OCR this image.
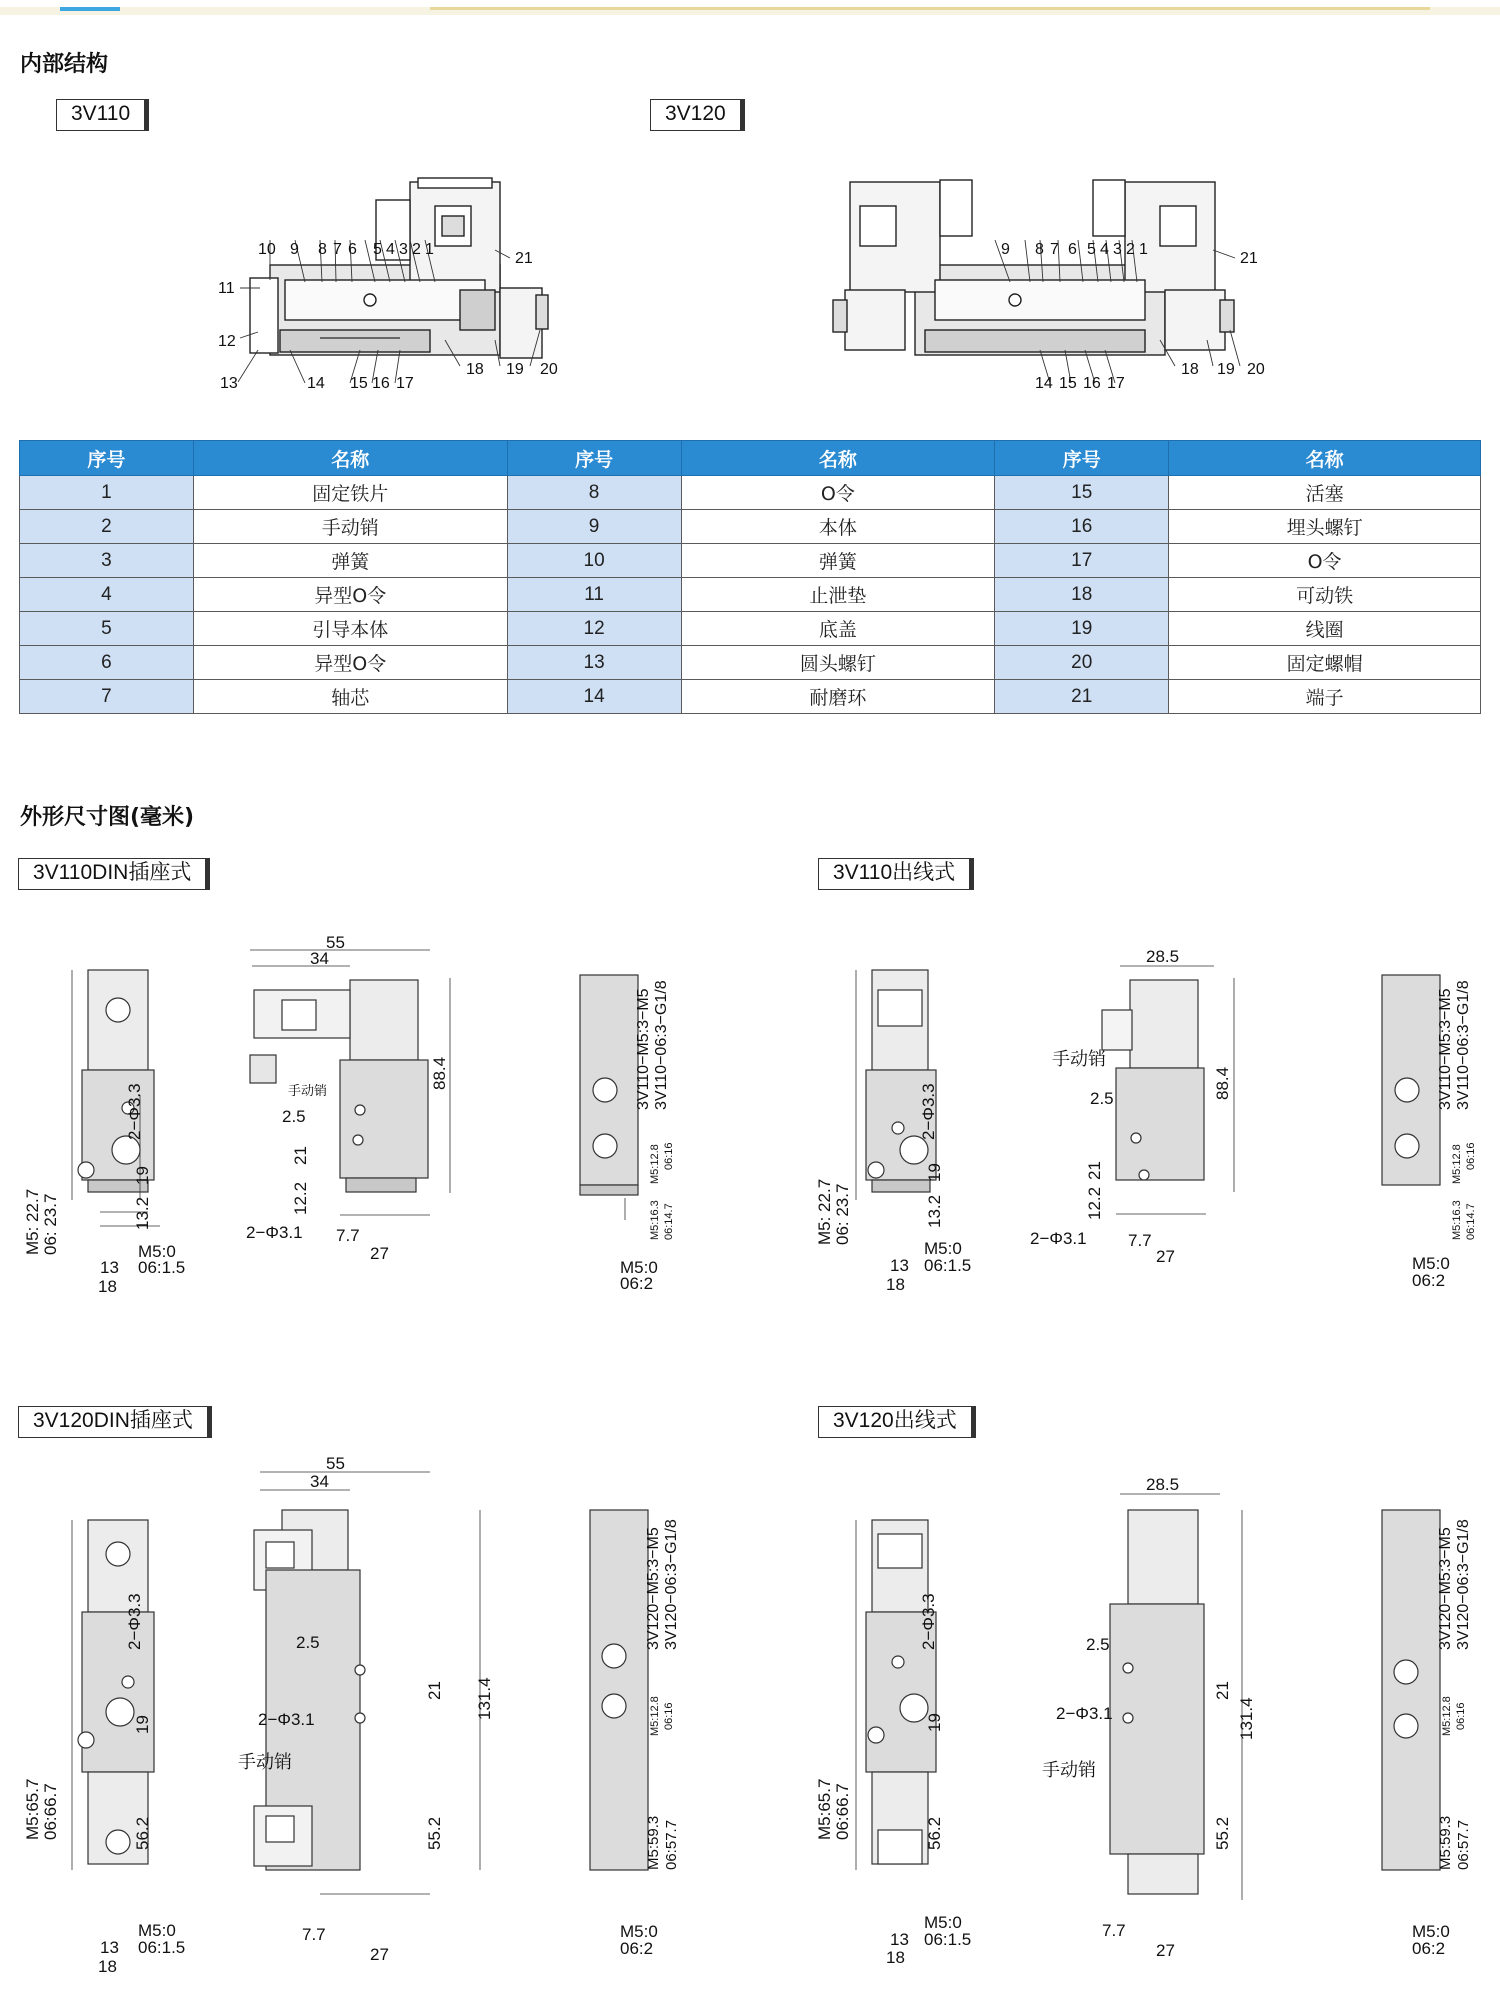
内部结构
3V110	3V120
10 9 8 7 6 5 4 3 2 1
11
12
13	14 15 16 17
18 19 20
21
9 8 7 6 5 4 3 2 1
14 15 16 17
18 19 20
21
序号	名称	序号	名称	序号	名称
1	固定铁片	8	O令	15	活塞
2	手动销	9	本体	16	埋头螺钉
3	弹簧	10	弹簧	17	O令
4	异型O令	11	止泄垫	18	可动铁
5	引导本体	12	底盖	19	线圈
6	异型O令	13	圆头螺钉	20	固定螺帽
7	轴芯	14	耐磨环	21	端子
外形尺寸图(毫米)
3V110DIN插座式	3V110出线式
3V120DIN插座式	3V120出线式
55
34
88.4
手动销
2.5
21
12.2
2−Φ3.1 7.7
27
2−Φ3.3
19
13.2
M5: 22.7 06: 23.7	M5:0
06:1.5
13
18
3V110−M5:3−M5 3V110−06:3−G1/8
M5:16.3 06:14.7
M5:12.8 06:16
M5:0
06:2
28.5
88.4
手动销
2.5
21
12.2
2−Φ3.1 7.7
27
2−Φ3.3
19
13.2
M5: 22.7 06: 23.7
M5:0
06:1.5
13
18
3V110−M5:3−M5 3V110−06:3−G1/8
M5:16.3 06:14.7
M5:12.8 06:16
M5:0
06:2
55
34
131.4
2.5
2−Φ3.1
手动销
21
55.2
7.7
27
2−Φ3.3
19
56.2
M5:65.7 06:66.7
M5:0
06:1.5
13
18
3V120−M5:3−M5 3V120−06:3−G1/8
M5:12.8 06:16
M5:59.3 06:57.7
M5:0
06:2
28.5
131.4
2.5
2−Φ3.1
手动销
21
55.2
7.7
27
2−Φ3.3
19
56.2
M5:65.7 06:66.7
M5:0
06:1.5
13
18
3V120−M5:3−M5 3V120−06:3−G1/8
M5:12.8 06:16
M5:59.3 06:57.7
M5:0
06:2
